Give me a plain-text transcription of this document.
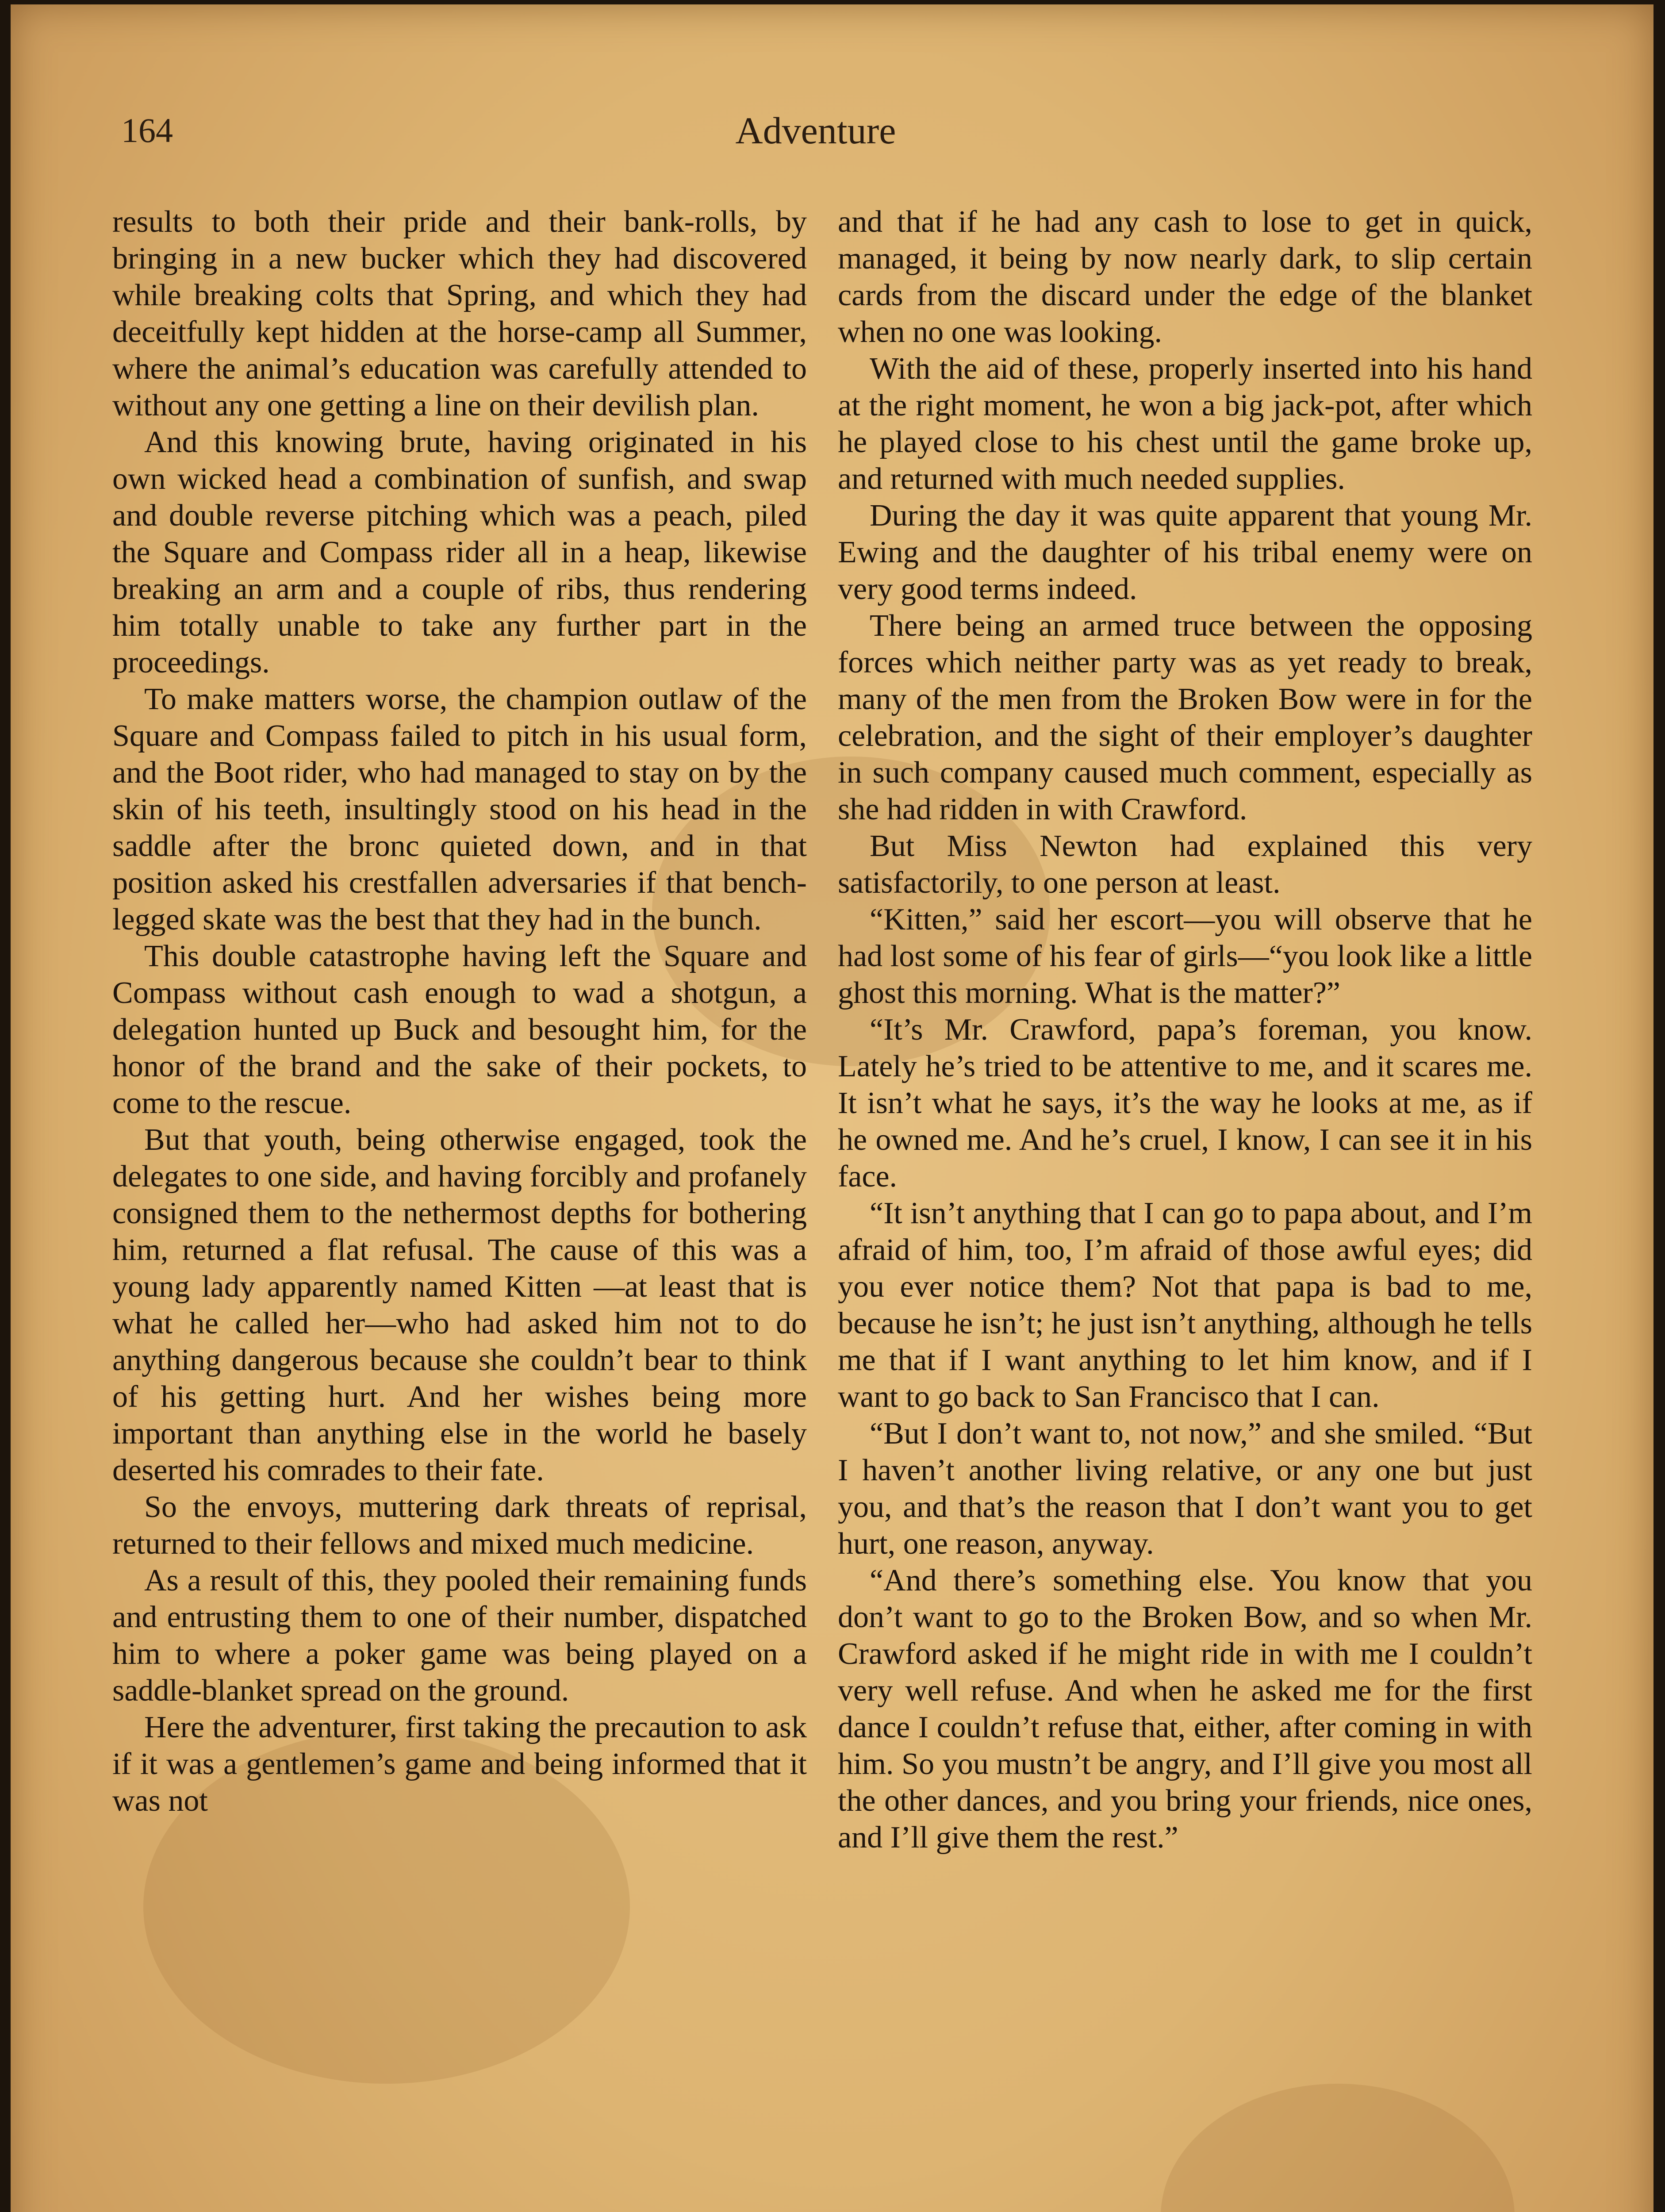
164	Adventure

results to both their pride and their bank-rolls, by bringing in a new bucker which they had discovered while breaking colts that Spring, and which they had deceitfully kept hidden at the horse-camp all Summer, where the animal’s education was carefully attended to without any one getting a line on their devilish plan.

And this knowing brute, having originated in his own wicked head a combination of sunfish, and swap and double reverse pitching which was a peach, piled the Square and Compass rider all in a heap, likewise breaking an arm and a couple of ribs, thus rendering him totally unable to take any further part in the proceedings.

To make matters worse, the champion outlaw of the Square and Compass failed to pitch in his usual form, and the Boot rider, who had managed to stay on by the skin of his teeth, insultingly stood on his head in the saddle after the bronc quieted down, and in that position asked his crestfallen adversaries if that bench-legged skate was the best that they had in the bunch.

This double catastrophe having left the Square and Compass without cash enough to wad a shotgun, a delegation hunted up Buck and besought him, for the honor of the brand and the sake of their pockets, to come to the rescue.

But that youth, being otherwise engaged, took the delegates to one side, and having forcibly and profanely consigned them to the nethermost depths for bothering him, returned a flat refusal. The cause of this was a young lady apparently named Kitten —at least that is what he called her—who had asked him not to do anything dangerous because she couldn’t bear to think of his getting hurt. And her wishes being more important than anything else in the world he basely deserted his comrades to their fate.

So the envoys, muttering dark threats of reprisal, returned to their fellows and mixed much medicine.

As a result of this, they pooled their remaining funds and entrusting them to one of their number, dispatched him to where a poker game was being played on a saddle-blanket spread on the ground.

Here the adventurer, first taking the precaution to ask if it was a gentlemen’s game and being informed that it was not

and that if he had any cash to lose to get in quick, managed, it being by now nearly dark, to slip certain cards from the discard under the edge of the blanket when no one was looking.

With the aid of these, properly inserted into his hand at the right moment, he won a big jack-pot, after which he played close to his chest until the game broke up, and returned with much needed supplies.

During the day it was quite apparent that young Mr. Ewing and the daughter of his tribal enemy were on very good terms indeed.

There being an armed truce between the opposing forces which neither party was as yet ready to break, many of the men from the Broken Bow were in for the celebration, and the sight of their employer’s daughter in such company caused much comment, especially as she had ridden in with Crawford.

But Miss Newton had explained this very satisfactorily, to one person at least.

“Kitten,” said her escort—you will observe that he had lost some of his fear of girls—“you look like a little ghost this morning. What is the matter?”

“It’s Mr. Crawford, papa’s foreman, you know. Lately he’s tried to be attentive to me, and it scares me. It isn’t what he says, it’s the way he looks at me, as if he owned me. And he’s cruel, I know, I can see it in his face.

“It isn’t anything that I can go to papa about, and I’m afraid of him, too, I’m afraid of those awful eyes; did you ever notice them? Not that papa is bad to me, because he isn’t; he just isn’t anything, although he tells me that if I want anything to let him know, and if I want to go back to San Francisco that I can.

“But I don’t want to, not now,” and she smiled. “But I haven’t another living relative, or any one but just you, and that’s the reason that I don’t want you to get hurt, one reason, anyway.

“And there’s something else. You know that you don’t want to go to the Broken Bow, and so when Mr. Crawford asked if he might ride in with me I couldn’t very well refuse. And when he asked me for the first dance I couldn’t refuse that, either, after coming in with him. So you mustn’t be angry, and I’ll give you most all the other dances, and you bring your friends, nice ones, and I’ll give them the rest.”
